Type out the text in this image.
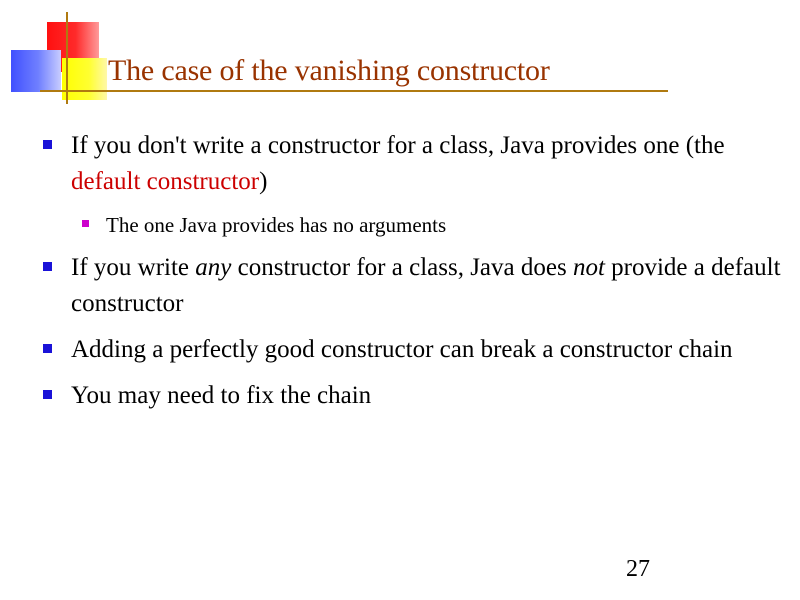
The case of the vanishing constructor
If you don't write a constructor for a class, Java provides one (the default constructor)
The one Java provides has no arguments
If you write any constructor for a class, Java does not provide a default constructor
Adding a perfectly good constructor can break a constructor chain
You may need to fix the chain
27
